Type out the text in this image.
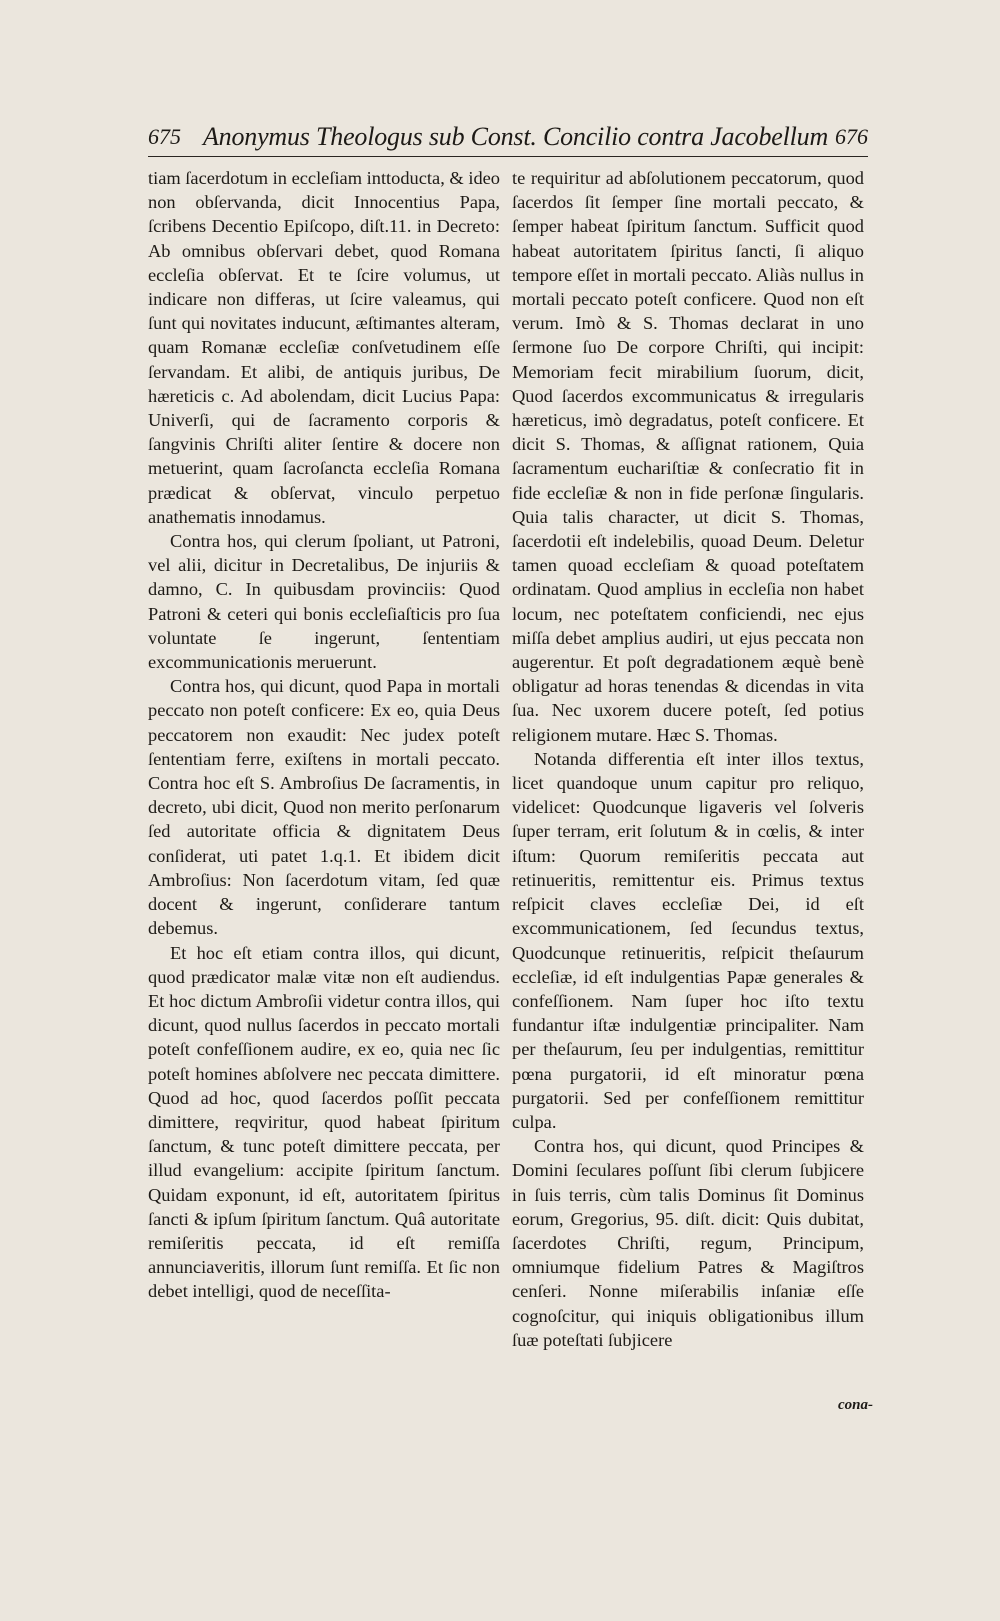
675 Anonymus Theologus sub Const. Concilio contra Jacobellum 676

tiam ſacerdotum in eccleſiam inttoducta, & ideo non obſervanda, dicit Innocentius Papa, ſcribens Decentio Epiſcopo, diſt.11. in Decreto: Ab omnibus obſervari debet, quod Romana eccleſia obſervat. Et te ſcire volumus, ut indicare non differas, ut ſcire valeamus, qui ſunt qui novitates inducunt, æſtimantes alteram, quam Romanæ eccleſiæ conſvetudinem eſſe ſervandam. Et alibi, de antiquis juribus, De hæreticis c. Ad abolendam, dicit Lucius Papa: Univerſi, qui de ſacramento corporis & ſangvinis Chriſti aliter ſentire & docere non metuerint, quam ſacroſancta eccleſia Romana prædicat & obſervat, vinculo perpetuo anathematis innodamus.

Contra hos, qui clerum ſpoliant, ut Patroni, vel alii, dicitur in Decretalibus, De injuriis & damno, C. In quibusdam provinciis: Quod Patroni & ceteri qui bonis eccleſiaſticis pro ſua voluntate ſe ingerunt, ſententiam excommunicationis meruerunt.

Contra hos, qui dicunt, quod Papa in mortali peccato non poteſt conficere: Ex eo, quia Deus peccatorem non exaudit: Nec judex poteſt ſententiam ferre, exiſtens in mortali peccato. Contra hoc eſt S. Ambroſius De ſacramentis, in decreto, ubi dicit, Quod non merito perſonarum ſed autoritate officia & dignitatem Deus conſiderat, uti patet 1.q.1. Et ibidem dicit Ambroſius: Non ſacerdotum vitam, ſed quæ docent & ingerunt, conſiderare tantum debemus.

Et hoc eſt etiam contra illos, qui dicunt, quod prædicator malæ vitæ non eſt audiendus. Et hoc dictum Ambroſii videtur contra illos, qui dicunt, quod nullus ſacerdos in peccato mortali poteſt confeſſionem audire, ex eo, quia nec ſic poteſt homines abſolvere nec peccata dimittere. Quod ad hoc, quod ſacerdos poſſit peccata dimittere, reqviritur, quod habeat ſpiritum ſanctum, & tunc poteſt dimittere peccata, per illud evangelium: accipite ſpiritum ſanctum. Quidam exponunt, id eſt, autoritatem ſpiritus ſancti & ipſum ſpiritum ſanctum. Quâ autoritate remiſeritis peccata, id eſt remiſſa annunciaveritis, illorum ſunt remiſſa. Et ſic non debet intelligi, quod de neceſſita-

te requiritur ad abſolutionem peccatorum, quod ſacerdos ſit ſemper ſine mortali peccato, & ſemper habeat ſpiritum ſanctum. Sufficit quod habeat autoritatem ſpiritus ſancti, ſi aliquo tempore eſſet in mortali peccato. Aliàs nullus in mortali peccato poteſt conficere. Quod non eſt verum. Imò & S. Thomas declarat in uno ſermone ſuo De corpore Chriſti, qui incipit: Memoriam fecit mirabilium ſuorum, dicit, Quod ſacerdos excommunicatus & irregularis hæreticus, imò degradatus, poteſt conficere. Et dicit S. Thomas, & aſſignat rationem, Quia ſacramentum euchariſtiæ & conſecratio fit in fide eccleſiæ & non in fide perſonæ ſingularis. Quia talis character, ut dicit S. Thomas, ſacerdotii eſt indelebilis, quoad Deum. Deletur tamen quoad eccleſiam & quoad poteſtatem ordinatam. Quod amplius in eccleſia non habet locum, nec poteſtatem conficiendi, nec ejus miſſa debet amplius audiri, ut ejus peccata non augerentur. Et poſt degradationem æquè benè obligatur ad horas tenendas & dicendas in vita ſua. Nec uxorem ducere poteſt, ſed potius religionem mutare. Hæc S. Thomas.

Notanda differentia eſt inter illos textus, licet quandoque unum capitur pro reliquo, videlicet: Quodcunque ligaveris vel ſolveris ſuper terram, erit ſolutum & in cœlis, & inter iſtum: Quorum remiſeritis peccata aut retinueritis, remittentur eis. Primus textus reſpicit claves eccleſiæ Dei, id eſt excommunicationem, ſed ſecundus textus, Quodcunque retinueritis, reſpicit theſaurum eccleſiæ, id eſt indulgentias Papæ generales & confeſſionem. Nam ſuper hoc iſto textu fundantur iſtæ indulgentiæ principaliter. Nam per theſaurum, ſeu per indulgentias, remittitur pœna purgatorii, id eſt minoratur pœna purgatorii. Sed per confeſſionem remittitur culpa.

Contra hos, qui dicunt, quod Principes & Domini ſeculares poſſunt ſibi clerum ſubjicere in ſuis terris, cùm talis Dominus ſit Dominus eorum, Gregorius, 95. diſt. dicit: Quis dubitat, ſacerdotes Chriſti, regum, Principum, omniumque fidelium Patres & Magiſtros cenſeri. Nonne miſerabilis inſaniæ eſſe cognoſcitur, qui iniquis obligationibus illum ſuæ poteſtati ſubjicere

cona-
